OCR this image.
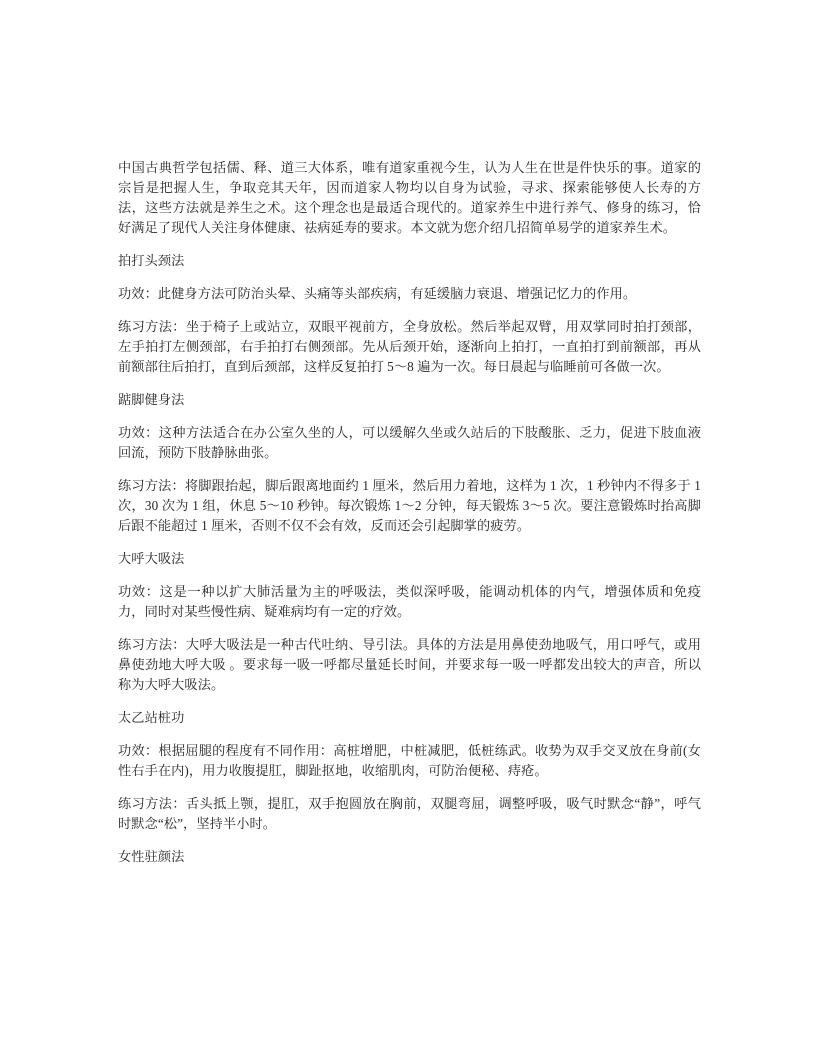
中国古典哲学包括儒、释、道三大体系，唯有道家重视今生，认为人生在世是件快乐的事。道家的宗旨是把握人生，争取竞其天年，因而道家人物均以自身为试验，寻求、探索能够使人长寿的方法，这些方法就是养生之术。这个理念也是最适合现代的。道家养生中进行养气、修身的练习，恰好满足了现代人关注身体健康、祛病延寿的要求。本文就为您介绍几招简单易学的道家养生术。

拍打头颈法

功效：此健身方法可防治头晕、头痛等头部疾病，有延缓脑力衰退、增强记忆力的作用。

练习方法：坐于椅子上或站立，双眼平视前方，全身放松。然后举起双臂，用双掌同时拍打颈部，左手拍打左侧颈部，右手拍打右侧颈部。先从后颈开始，逐渐向上拍打，一直拍打到前额部，再从前额部往后拍打，直到后颈部，这样反复拍打 5～8 遍为一次。每日晨起与临睡前可各做一次。

踮脚健身法

功效：这种方法适合在办公室久坐的人，可以缓解久坐或久站后的下肢酸胀、乏力，促进下肢血液回流，预防下肢静脉曲张。

练习方法：将脚跟抬起，脚后跟离地面约 1 厘米，然后用力着地，这样为 1 次，1 秒钟内不得多于 1 次，30 次为 1 组，休息 5～10 秒钟。每次锻炼 1～2 分钟，每天锻炼 3～5 次。要注意锻炼时抬高脚后跟不能超过 1 厘米，否则不仅不会有效，反而还会引起脚掌的疲劳。

大呼大吸法

功效：这是一种以扩大肺活量为主的呼吸法，类似深呼吸，能调动机体的内气，增强体质和免疫力，同时对某些慢性病、疑难病均有一定的疗效。

练习方法：大呼大吸法是一种古代吐纳、导引法。具体的方法是用鼻使劲地吸气，用口呼气，或用鼻使劲地大呼大吸 。要求每一吸一呼都尽量延长时间，并要求每一吸一呼都发出较大的声音，所以称为大呼大吸法。

太乙站桩功

功效：根据屈腿的程度有不同作用：高桩增肥，中桩减肥，低桩练武。收势为双手交叉放在身前(女性右手在内)，用力收腹提肛，脚趾抠地，收缩肌肉，可防治便秘、痔疮。

练习方法：舌头抵上颚，提肛，双手抱圆放在胸前，双腿弯屈，调整呼吸，吸气时默念“静”，呼气时默念“松”，坚持半小时。

女性驻颜法
